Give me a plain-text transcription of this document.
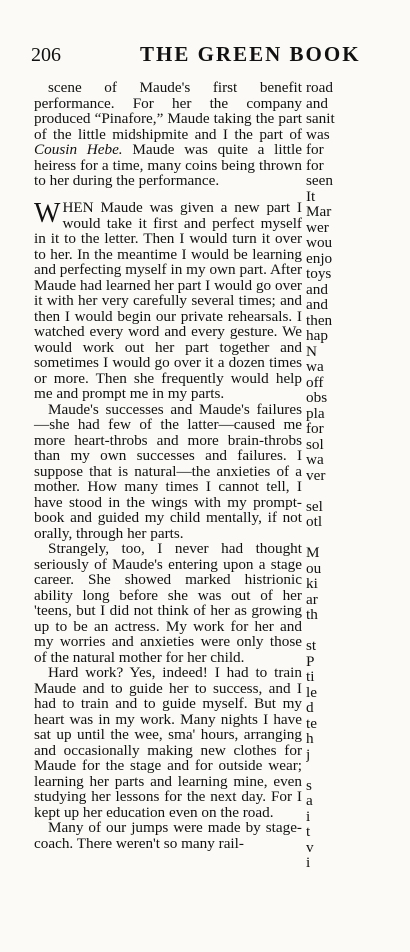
206	THE GREEN BOOK

scene of Maude's first benefit performance. For her the company produced “Pinafore,” Maude taking the part of the little midshipmite and I the part of Cousin Hebe. Maude was quite a little heiress for a time, many coins being thrown to her during the performance.

WHEN Maude was given a new part I would take it first and perfect myself in it to the letter. Then I would turn it over to her. In the meantime I would be learning and perfecting myself in my own part. After Maude had learned her part I would go over it with her very carefully several times; and then I would begin our private rehearsals. I watched every word and every gesture. We would work out her part together and sometimes I would go over it a dozen times or more. Then she frequently would help me and prompt me in my parts.

Maude's successes and Maude's failures—she had few of the latter—caused me more heart-throbs and more brain-throbs than my own successes and failures. I suppose that is natural—the anxieties of a mother. How many times I cannot tell, I have stood in the wings with my prompt-book and guided my child mentally, if not orally, through her parts.

Strangely, too, I never had thought seriously of Maude's entering upon a stage career. She showed marked histrionic ability long before she was out of her 'teens, but I did not think of her as growing up to be an actress. My work for her and my worries and anxieties were only those of the natural mother for her child.

Hard work? Yes, indeed! I had to train Maude and to guide her to success, and I had to train and to guide myself. But my heart was in my work. Many nights I have sat up until the wee, sma' hours, arranging and occasionally making new clothes for Maude for the stage and for outside wear; learning her parts and learning mine, even studying her lessons for the next day. For I kept up her education even on the road.

Many of our jumps were made by stage-coach. There weren't so many rail-

road
and
sanit
was
for
for
seen
It
Mar
wer
wou
enjo
toys
and
and
then
hap
N
wa
off
obs
pla
for
sol
wa
ver
sel
otl
M
ou
ki
ar
th
st
P
ti
le
d
te
h
j
s
a
i
t
v
i
